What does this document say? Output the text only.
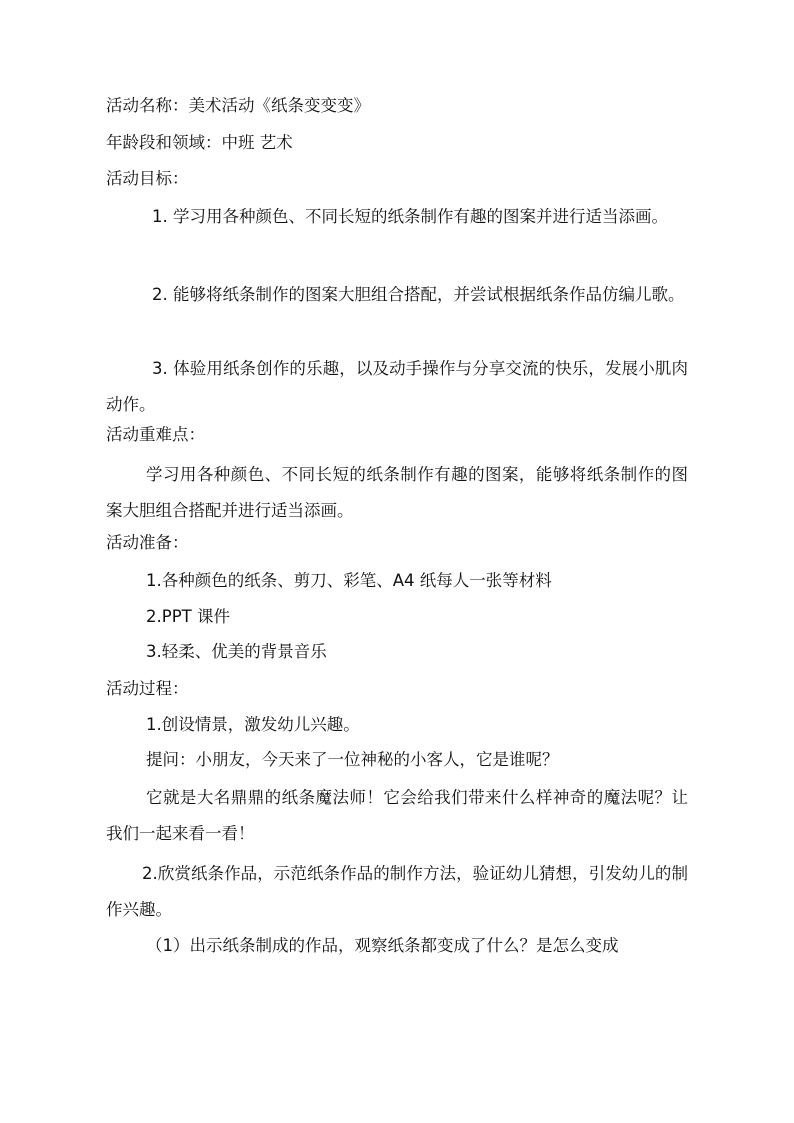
活动名称：美术活动《纸条变变变》
年龄段和领域：中班 艺术
活动目标：
1. 学习用各种颜色、不同长短的纸条制作有趣的图案并进行适当添画。
2. 能够将纸条制作的图案大胆组合搭配，并尝试根据纸条作品仿编儿歌。
3. 体验用纸条创作的乐趣，以及动手操作与分享交流的快乐，发展小肌肉动作。
活动重难点：
学习用各种颜色、不同长短的纸条制作有趣的图案，能够将纸条制作的图案大胆组合搭配并进行适当添画。
活动准备：
1.各种颜色的纸条、剪刀、彩笔、A4 纸每人一张等材料
2.PPT 课件
3.轻柔、优美的背景音乐
活动过程：
1.创设情景，激发幼儿兴趣。
提问：小朋友，今天来了一位神秘的小客人，它是谁呢？
它就是大名鼎鼎的纸条魔法师！它会给我们带来什么样神奇的魔法呢？让我们一起来看一看！
2.欣赏纸条作品，示范纸条作品的制作方法，验证幼儿猜想，引发幼儿的制作兴趣。
（1）出示纸条制成的作品，观察纸条都变成了什么？是怎么变成
